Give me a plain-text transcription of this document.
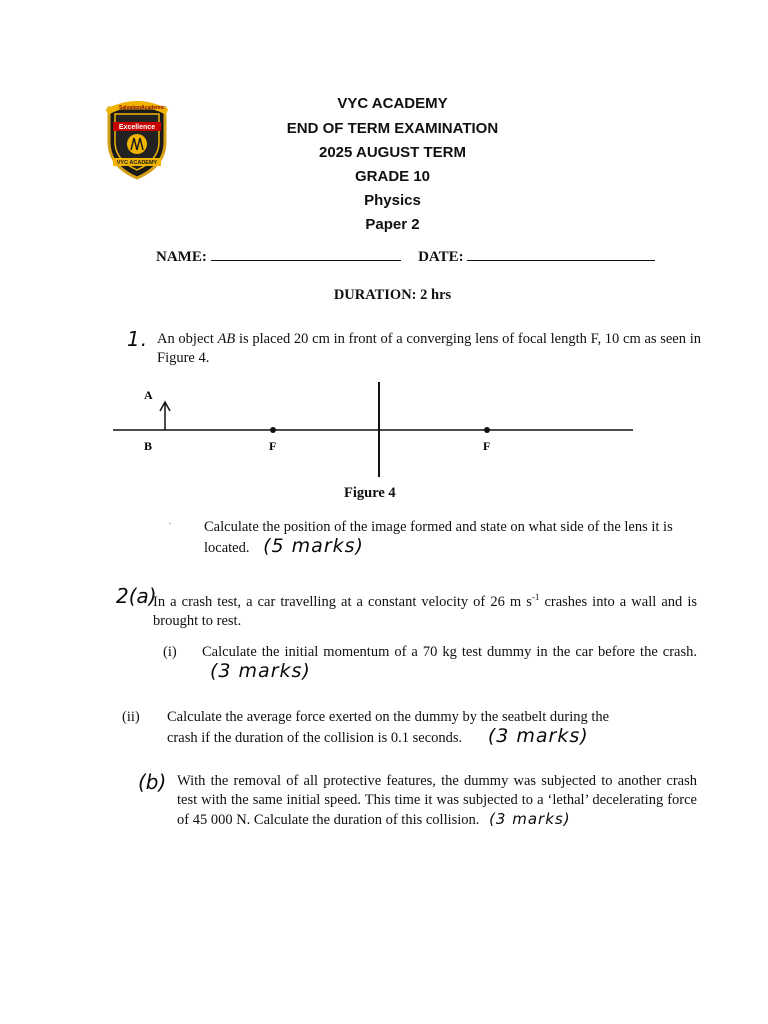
Salvation Academic
Excellence
VYC ACADEMY
VYC ACADEMY
END OF TERM EXAMINATION
2025 AUGUST TERM
GRADE 10
Physics
Paper 2
NAME:	DATE:
DURATION: 2 hrs
1. An object AB is placed 20 cm in front of a converging lens of focal length F, 10 cm as seen in Figure 4.
A
B	F	F
Figure 4
· Calculate the position of the image formed and state on what side of the lens it is located. (5 marks)
2(a)
In a crash test, a car travelling at a constant velocity of 26 m $s^{-1}$ crashes into a wall and is brought to rest.
(i) Calculate the initial momentum of a 70 kg test dummy in the car before the crash. (3 marks)
(ii) Calculate the average force exerted on the dummy by the seatbelt during the crash if the duration of the collision is 0.1 seconds. (3 marks)
(b) With the removal of all protective features, the dummy was subjected to another crash test with the same initial speed. This time it was subjected to a ‘lethal’ decelerating force of 45 000 N. Calculate the duration of this collision. (3 marks)
